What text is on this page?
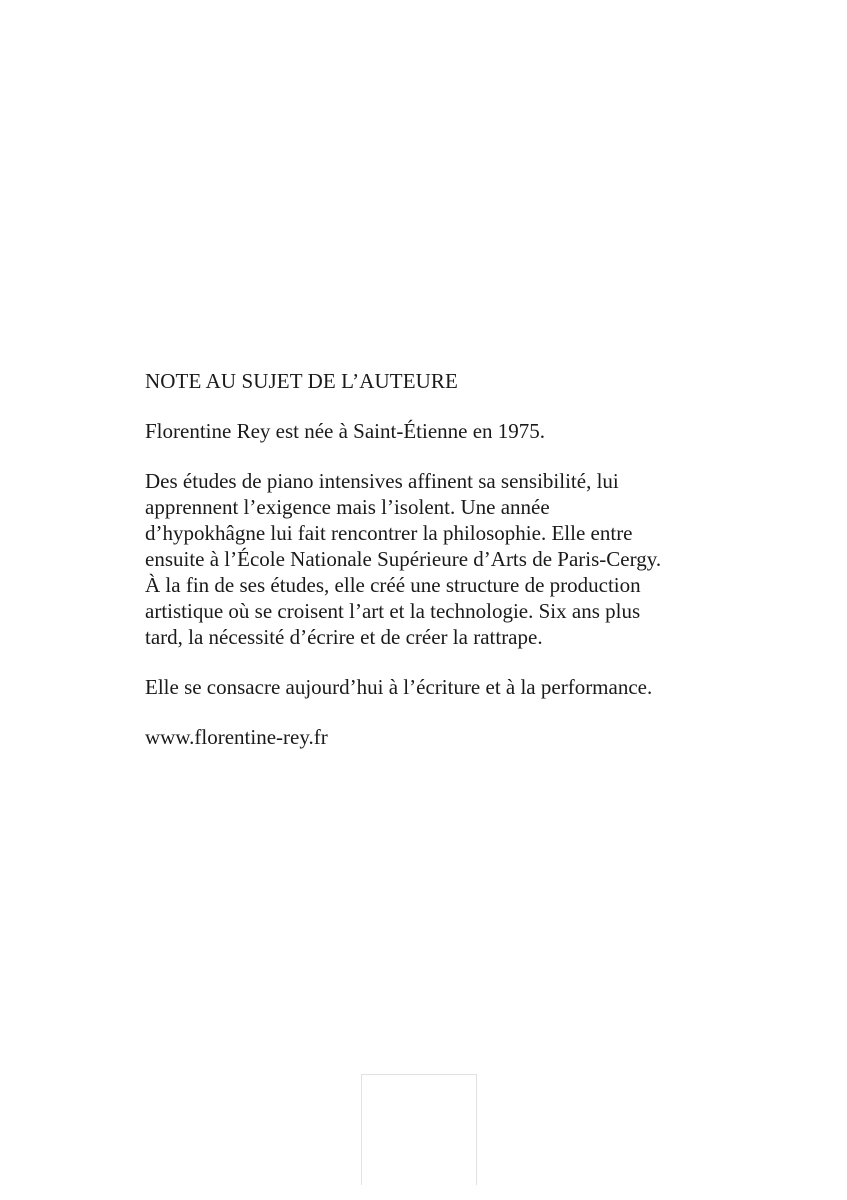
NOTE AU SUJET DE L’AUTEURE

Florentine Rey est née à Saint-Étienne en 1975.

Des études de piano intensives affinent sa sensibilité, lui
apprennent l’exigence mais l’isolent. Une année
d’hypokhâgne lui fait rencontrer la philosophie. Elle entre
ensuite à l’École Nationale Supérieure d’Arts de Paris-Cergy.
À la fin de ses études, elle créé une structure de production
artistique où se croisent l’art et la technologie. Six ans plus
tard, la nécessité d’écrire et de créer la rattrape.

Elle se consacre aujourd’hui à l’écriture et à la performance.

www.florentine-rey.fr
